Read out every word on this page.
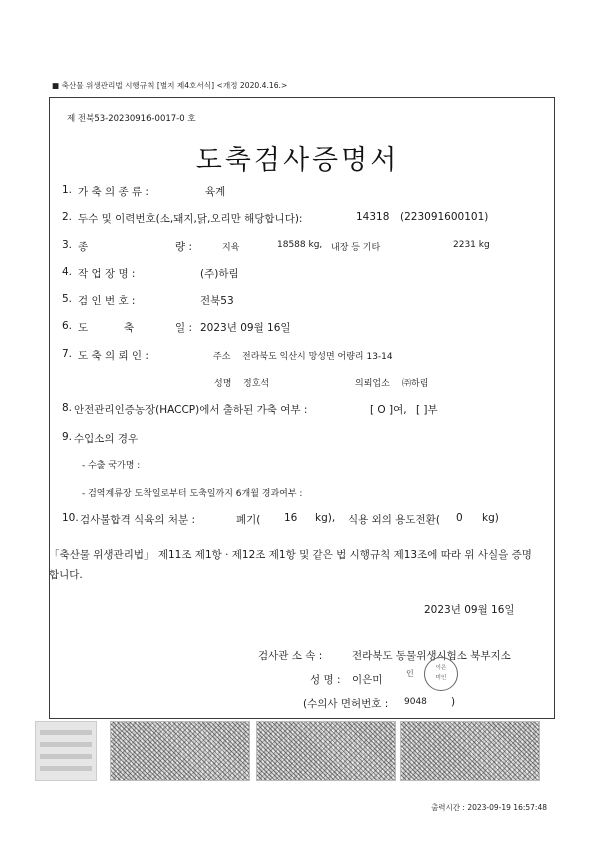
■ 축산물 위생관리법 시행규칙 [별지 제4호서식] <개정 2020.4.16.>
제 전북53-20230916-0017-0 호
도축검사증명서
1. 가 축 의 종 류 :	육계
2. 두수 및 이력번호(소,돼지,닭,오리만 해당합니다):	14318 (223091600101)
3. 종	량 :	지육	18588 kg, 내장 등 기타	2231 kg
4. 작 업 장 명 :	(주)하림
5. 검 인 번 호 :	전북53
6. 도	축	일 : 2023년 09월 16일
7. 도 축 의 뢰 인 :	주소 전라북도 익산시 망성면 어량리 13-14
성명 정호석	의뢰업소 ㈜하림
8. 안전관리인증농장(HACCP)에서 출하된 가축 여부 :	[ O ]여, [ ]부
9. 수입소의 경우
- 수출 국가명 :
- 검역계류장 도착일로부터 도축일까지 6개월 경과여부 :
10. 검사불합격 식육의 처분 :	폐기( 16 kg), 식용 외의 용도전환( 0 kg)
「축산물 위생관리법」 제11조 제1항 · 제12조 제1항 및 같은 법 시행규칙 제13조에 따라 위 사실을 증명
합니다.
2023년 09월 16일
검사관 소 속 :	전라북도 동물위생시험소 북부지소
성 명 : 이은미
인
이은
미인
(수의사 면허번호 : 9048 )
출력시간 : 2023-09-19 16:57:48
